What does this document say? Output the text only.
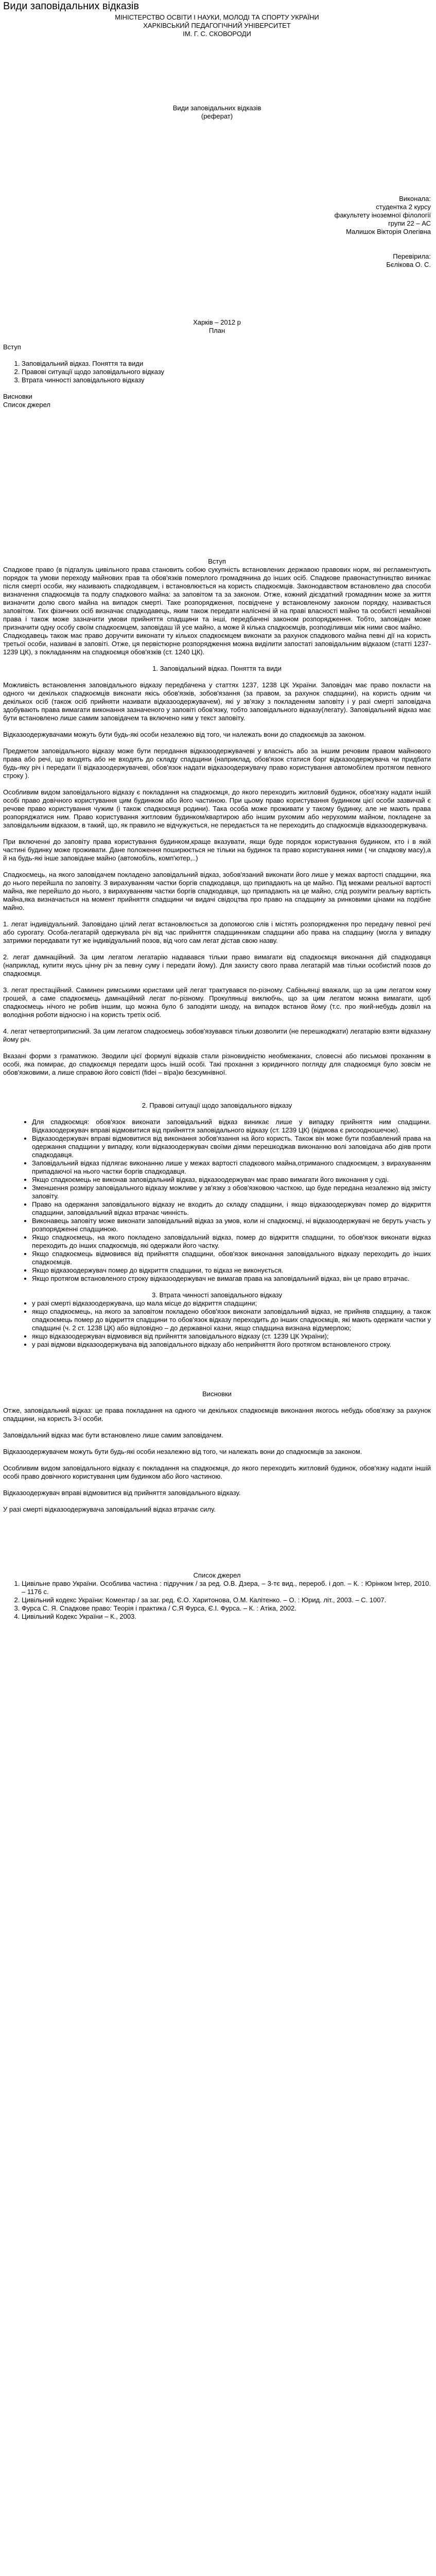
Види заповідальних відказів

МІНІСТЕРСТВО ОСВІТИ І НАУКИ, МОЛОДІ ТА СПОРТУ УКРАЇНИ

ХАРКІВСЬКИЙ ПЕДАГОГІЧНИЙ УНІВЕРСИТЕТ

ІМ. Г. С. СКОВОРОДИ

Види заповідальних відказів

(реферат)

Виконала:

студентка 2 курсу

факультету іноземної філології

групи 22 – АС

Малишок Вікторія Олегівна

Перевірила:

Бєлікова О. С.

Харків – 2012 р

План

Вступ

1. Заповідальний відказ. Поняття та види
2. Правові ситуації щодо заповідального відказу
3. Втрата чинності заповідального відказу

Висновки

Список джерел

Вступ

Спадкове право (в підгалузь цивільного права становить собою сукупність встановлених державою правових норм, які регламентують порядок та умови переходу майнових прав та обов'язків померлого громадянина до інших осіб. Спадкове правонаступництво виникає після смерті особи, яку називають спадкодавцем, і встановлюється на користь спадкоємців. Законодавством встановлено два способи визначення спадкоємців та подлу спадкового майна: за заповітом та за законом. Отже, кожний дієздатний громадянин може за життя визначити долю свого майна на випадок смерті. Таке розпорядження, посвідчене у встановленому законом порядку, називається заповітом. Тих фізичних осіб визначає спадкодавець, яким також передати наліснені ій на праві власності майно та особисті немайнові права і також може зазначити умови прийняття спадщини та інші, передбачені законом розпорядження. Тобто, заповідач може призначити одну особу своїм спадкоємцем, заповідаш їй усе майно, а може й кілька спадкоємців, розподіливши між ними своє майно.

Спадкодавець також має право доручити виконати ту кількох спадкоємцем виконати за рахунок спадкового майна певні дії на користь третьої особи, називані в заповіті. Отже, ця первістюрне розпорядження можна виділити запостаті заповідальним відказом (статті 1237-1239 ЦК), з покладанням на спадкоємця обов'язків (ст. 1240 ЦК).

1. Заповідальний відказ. Поняття та види

Можливість встановлення заповідального відказу передбачена у статтях 1237, 1238 ЦК України. Заповідач має право покласти на одного чи декількох спадкоємців виконати якісь обов'язків, зобов'язання (за правом, за рахунок спадщини), на користь одним чи декількох осіб (також осіб прийняти називати відказоодержувачем), які у зв'язку з покладенням заповіту і у разі смерті заповідача здобувають права вимагати виконання зазначеного у заповіті обов'язку, тобто заповідального відказу(легату). Заповідальний відказ має бути встановлено лише самим заповідачем та включено ним у текст заповіту.

Відказоодержувачами можуть бути будь-які особи незалежно від того, чи належать вони до спадкоємців за законом.

Предметом заповідального відказу може бути передання відказоодержувачеві у власність або за іншим речовим правом майнового права або речі, що входять або не входять до складу спадщини (наприклад, обов'язок статися борг відказоодержувача чи придбати будь-яку річ і передати її відказоодержувачеві, обов'язок надати відказоодержувачу право користування автомобілем протягом певного строку ).

Особливим видом заповідального відказу є покладання на спадкоємця, до якого переходить житловий будинок, обов'язку надати іншій особі право довічного користування цим будинком або його частиною. При цьому право користування будинком цієї особи зазвичай є речове право користування чужим (і також спадкоємця родини). Така особа може проживати у такому будинку, але не мають права розпоряджатися ним. Право користування житловим будинком/квартирою або іншим рухомим або нерухомим майном, покладене за заповідальним відказом, в такий, що, як правило не відчужується, не передається та не переходить до спадкоємців відказоодержувача.

При включенні до заповіту права користування будинком,краще вказувати, якщи буде порядок користування будинком, кто і в якій частині будинку може проживати. Дане положення поширюється не тільки на будинок та право користування ними ( чи спадкову масу),а й на будь-які інше заповідане майно (автомобіль, комп'ютер,..)

Спадкоємець, на якого заповідачем покладено заповідальний відказ, зобов'язаний виконати його лише у межах вартості спадщини, яка до нього перейшла по заповіту. З вирахуванням частки боргів спадкодавця, що припадають на це майно. Під межами реальної вартості майна, яке перейшло до нього, з вирахуванням частки боргів спадкодавця, що припадають на це майно, слід розуміти реальну вартість майна,яка визначається на момент прийняття спадщини чи видачі свідоцтва про право на спадщину за ринковими цінами на подібне майно.

1. легат індивідуальний. Заповідано цілий легат встановлюється за допомогою слів і містять розпорядження про передачу певної речі або сурогату. Особа-легатарій одержувала річ від час прийняття спадщинникам спадщини або права на спадщину (могла у випадку затримки передавати тут же індивідуальний позов, від чого сам легат дістав свою назву.

2. легат дамнаційний. За цим легатом легатарію надавався тільки право вимагати від спадкоємця виконання дій спадкодавця (наприклад, купити якусь цінну річ за певну суму і передати йому). Для захисту свого права легатарій мав тільки особистий позов до спадкоємця.

3. легат престаційний. Саминен римськими юристами цей легат трактувався по-різному. Сабіньянці вважали, що за цим легатом кому грошей, а саме спадкоємець дамнаційний легат по-різному. Прокуляньці виклюбчь, що за цим легатом можна вимагати, щоб спадкоємець нічого не робив іншим, що можна було б заподіяти шкоду, на випадок встанов йому (т.с. про який-небудь дозвіл на володіння роботи відносно і на користь третіх осіб.

4. легат четвертоприписний. За цим легатом спадкоємець зобов'язувався тільки дозволити (не перешкоджати) легатарію взяти відказану йому річ.

Вказані форми з граматикою. Зводили цієї формулі відказів стали різновидністю необмежаних, словесні або письмові проханням в особі, яка помирає, до спадкоємця передати щось іншій особі. Такі прохання з юридичного погляду для спадкоємця було зовсім не обов'язковими, а лише справою його совісті (fidei – віра)ю безсумнівної.

2. Правові ситуації щодо заповідального відказу

• Для спадкоємця: обов'язок виконати заповідальний відказ виникає лише у випадку прийняття ним спадщини. Відказоодержувач вправі відмовитися від прийняття заповідального відказу (ст. 1239 ЦК) (відмова є рисоодношечою).
• Відказоодержувач вправі відмовитися від виконання зобов'язання на його користь. Також він може бути позбавлений права на одержання спадщини у випадку, коли відказоодержувач своїми діями перешкоджав виконанню волі заповідача або діяв проти спадкодавця.
• Заповідальний відказ підлягає виконанню лише у межах вартості спадкового майна,отриманого спадкоємцем, з вирахуванням припадаючої на нього частки боргів спадкодавця.
• Якщо спадкоємець не виконав заповідальний відказ, відказоодержувач має право вимагати його виконання у суді.
• Зменшення розміру заповідального відказу можливе у зв'язку з обов'язковою часткою, що буде передана незалежно від змісту заповіту.
• Право на одержання заповідального відказу не входить до складу спадщини, і якщо відказоодержувач помер до відкриття спадщини, заповідальний відказ втрачає чинність.
• Виконавець заповіту може виконати заповідальний відказ за умов, коли ні спадкоємці, ні відказоодержувачі не беруть участь у розпорядженні спадщиною.
• Якщо спадкоємець, на якого покладено заповідальний відказ, помер до відкриття спадщини, то обов'язок виконати відказ переходить до інших спадкоємців, які одержали його частку.
• Якщо спадкоємець відмовився від прийняття спадщини, обов'язок виконання заповідального відказу переходить до інших спадкоємців.
• Якщо відказоодержувач помер до відкриття спадщини, то відказ не виконується.
• Якщо протягом встановленого строку відказоодержувач не вимагав права на заповідальний відказ, він це право втрачає.

3. Втрата чинності заповідального відказу

• у разі смерті відказоодержувача, що мала місце до відкриття спадщини;
• якщо спадкоємець, на якого за заповітом покладено обов'язок виконати заповідальний відказ, не прийняв спадщину, а також спадкоємець помер до відкриття спадщини то обов'язок відказу переходить до інших спадкоємців, які мають одержати частки у спадщині (ч. 2 ст. 1238 ЦК) або відповідно – до державної казни, якщо спадщина визнана відумерлою;
• якщо відказоодержувач відмовився від прийняття заповідального відказу (ст. 1239 ЦК України);
• у разі відмови відказоодержувача від заповідального відказу або неприйняття його протягом встановленого строку.

Висновки

Отже, заповідальний відказ: це права покладання на одного чи декількох спадкоємців виконання якогось небудь обов'язку за рахунок спадщини, на користь 3-ї особи.

Заповідальний відказ має бути встановлено лише самим заповідачем.

Відказоодержувачем можуть бути будь-які особи незалежно від того, чи належать вони до спадкоємців за законом.

Особливим видом заповідального відказу є покладання на спадкоємця, до якого переходить житловий будинок, обов'язку надати іншій особі право довічного користування цим будинком або його частиною.

Відказоодержувач вправі відмовитися від прийняття заповідального відказу.

У разі смерті відказоодержувача заповідальний відказ втрачає силу.

Список джерел

1. Цивільне право України. Особлива частина : підручник / за ред. О.В. Дзера, – 3-тє вид., перероб. і доп. – К. : Юрінком Інтер, 2010. – 1176 с.
2. Цивільний кодекс України: Коментар / за заг. ред. Є.О. Харитонова, О.М. Калітенко. – О. : Юрид. літ., 2003. – С. 1007.
3. Фурса С. Я. Спадкове право: Теорія і практика / С.Я Фурса, Є.І. Фурса. – К. : Атіка, 2002.
4. Цивільний Кодекс України – К., 2003.
